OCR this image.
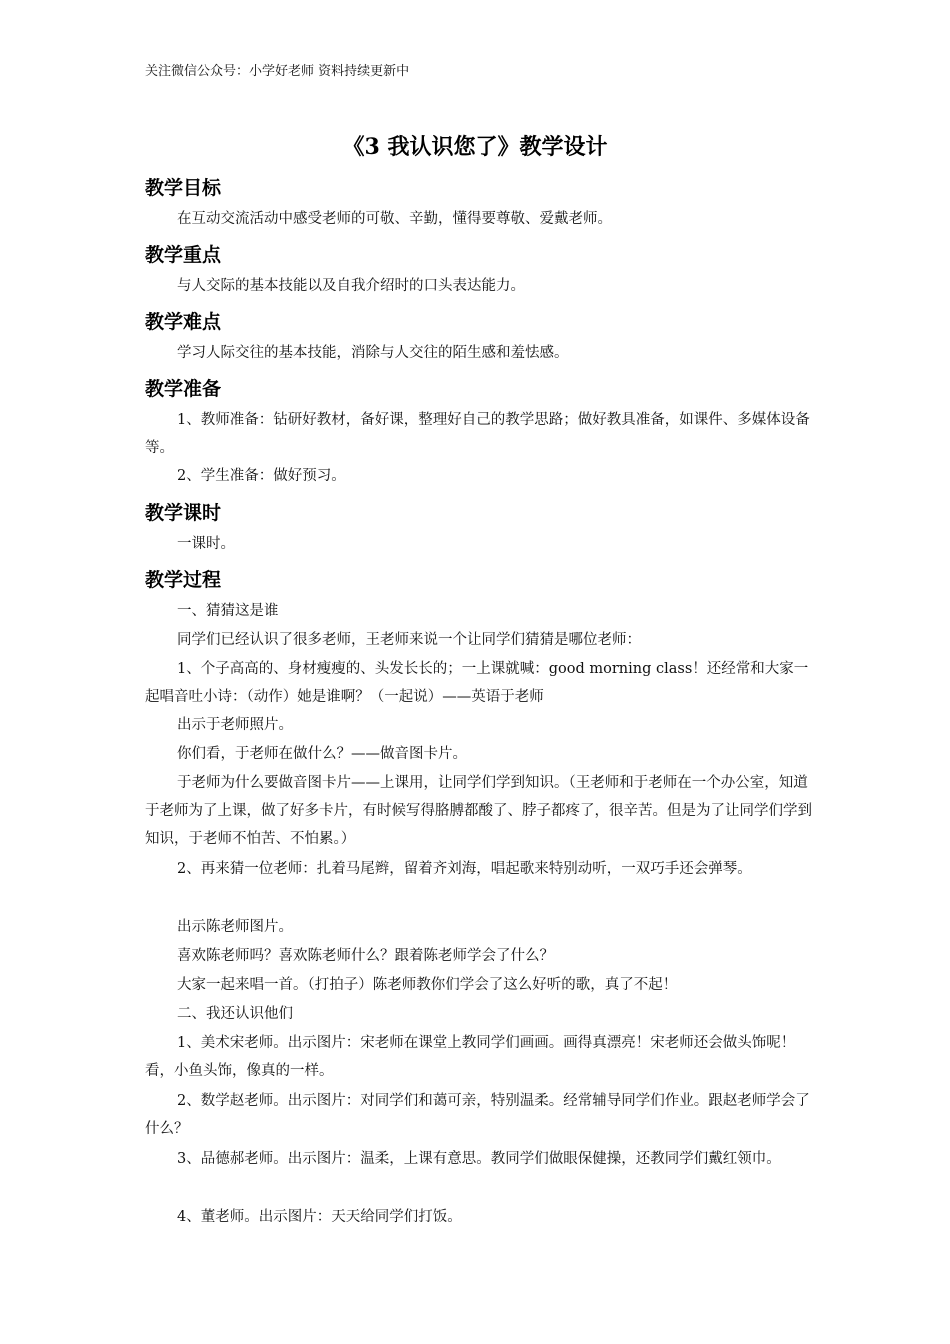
关注微信公众号：小学好老师 资料持续更新中
《3 我认识您了》教学设计
教学目标
在互动交流活动中感受老师的可敬、辛勤，懂得要尊敬、爱戴老师。
教学重点
与人交际的基本技能以及自我介绍时的口头表达能力。
教学难点
学习人际交往的基本技能，消除与人交往的陌生感和羞怯感。
教学准备
1、教师准备：钻研好教材，备好课，整理好自己的教学思路；做好教具准备，如课件、多媒体设备等。
2、学生准备：做好预习。
教学课时
一课时。
教学过程
一、猜猜这是谁
同学们已经认识了很多老师，王老师来说一个让同学们猜猜是哪位老师：
1、个子高高的、身材瘦瘦的、头发长长的；一上课就喊：good morning class！还经常和大家一起唱音吐小诗：（动作）她是谁啊？（一起说）——英语于老师
出示于老师照片。
你们看，于老师在做什么？——做音图卡片。
于老师为什么要做音图卡片——上课用，让同学们学到知识。（王老师和于老师在一个办公室，知道于老师为了上课，做了好多卡片，有时候写得胳膊都酸了、脖子都疼了，很辛苦。但是为了让同学们学到知识，于老师不怕苦、不怕累。）
2、再来猜一位老师：扎着马尾辫，留着齐刘海，唱起歌来特别动听，一双巧手还会弹琴。
出示陈老师图片。
喜欢陈老师吗？喜欢陈老师什么？跟着陈老师学会了什么？
大家一起来唱一首。（打拍子）陈老师教你们学会了这么好听的歌，真了不起！
二、我还认识他们
1、美术宋老师。出示图片：宋老师在课堂上教同学们画画。画得真漂亮！宋老师还会做头饰呢！看，小鱼头饰，像真的一样。
2、数学赵老师。出示图片：对同学们和蔼可亲，特别温柔。经常辅导同学们作业。跟赵老师学会了什么？
3、品德郝老师。出示图片：温柔，上课有意思。教同学们做眼保健操，还教同学们戴红领巾。
4、董老师。出示图片：天天给同学们打饭。
